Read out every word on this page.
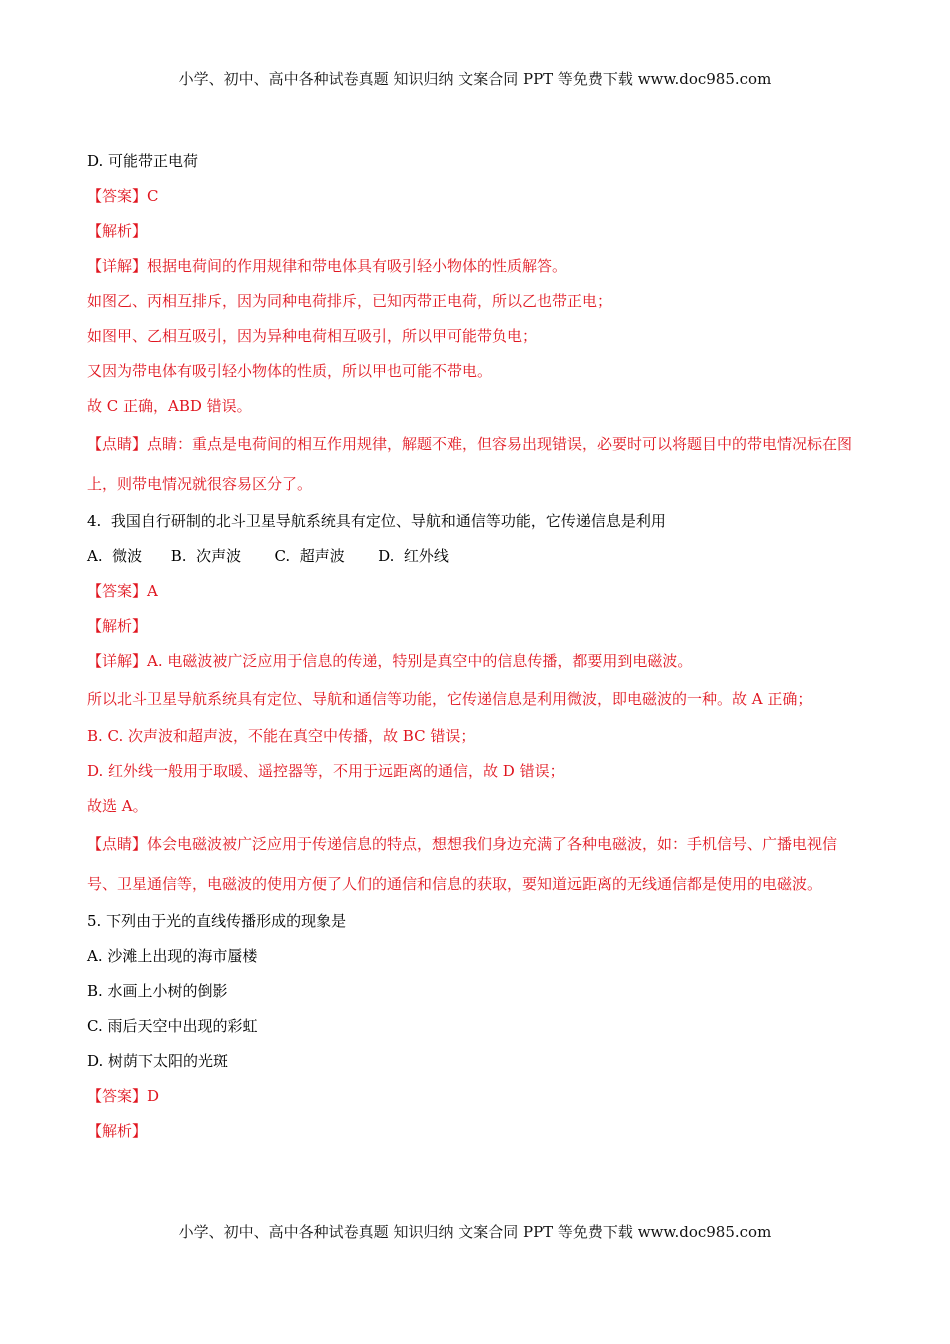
小学、初中、高中各种试卷真题 知识归纳 文案合同 PPT 等免费下载 www.doc985.com
D. 可能带正电荷
【答案】C
【解析】
【详解】根据电荷间的作用规律和带电体具有吸引轻小物体的性质解答。
如图乙、丙相互排斥，因为同种电荷排斥，已知丙带正电荷，所以乙也带正电；
如图甲、乙相互吸引，因为异种电荷相互吸引，所以甲可能带负电；
又因为带电体有吸引轻小物体的性质，所以甲也可能不带电。
故 C 正确，ABD 错误。
【点睛】点睛：重点是电荷间的相互作用规律，解题不难，但容易出现错误，必要时可以将题目中的带电情况标在图上，则带电情况就很容易区分了。
4.  我国自行研制的北斗卫星导航系统具有定位、导航和通信等功能，它传递信息是利用
A.  微波      B.  次声波       C.  超声波       D.  红外线
【答案】A
【解析】
【详解】A. 电磁波被广泛应用于信息的传递，特别是真空中的信息传播，都要用到电磁波。
所以北斗卫星导航系统具有定位、导航和通信等功能，它传递信息是利用微波，即电磁波的一种。故 A 正确；
B. C. 次声波和超声波，不能在真空中传播，故 BC 错误；
D. 红外线一般用于取暖、遥控器等，不用于远距离的通信，故 D 错误；
故选 A。
【点睛】体会电磁波被广泛应用于传递信息的特点，想想我们身边充满了各种电磁波，如：手机信号、广播电视信号、卫星通信等，电磁波的使用方便了人们的通信和信息的获取，要知道远距离的无线通信都是使用的电磁波。
5. 下列由于光的直线传播形成的现象是
A. 沙滩上出现的海市蜃楼
B. 水画上小树的倒影
C. 雨后天空中出现的彩虹
D. 树荫下太阳的光斑
【答案】D
【解析】
小学、初中、高中各种试卷真题 知识归纳 文案合同 PPT 等免费下载 www.doc985.com
